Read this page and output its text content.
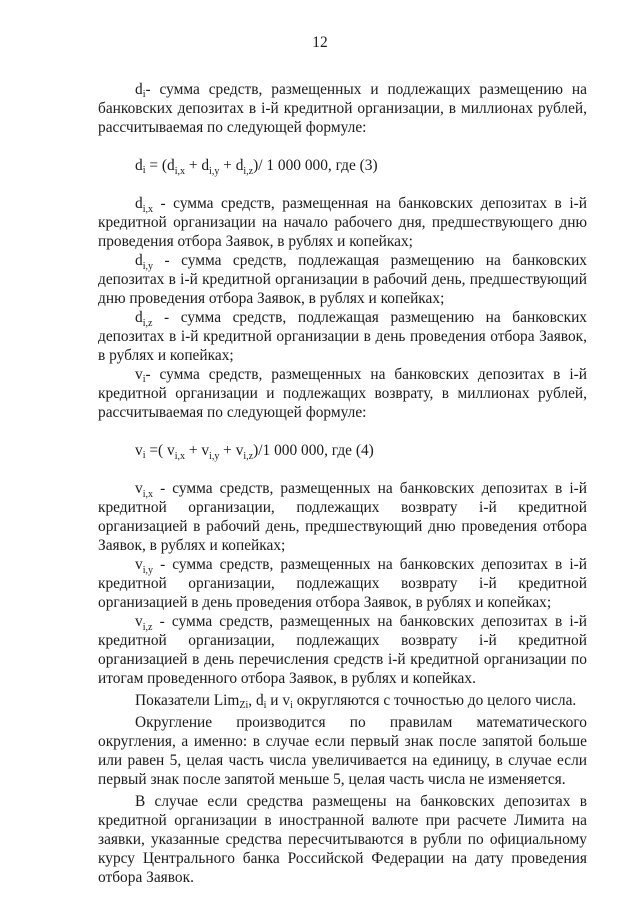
12

$d_i-$ сумма средств, размещенных и подлежащих размещению на банковских депозитах в i-й кредитной организации, в миллионах рублей, рассчитываемая по следующей формуле:

$d_i = (d_{i,x} + d_{i,y} + d_{i,z})/$ 1 000 000, где (3)

$d_{i,x}$ - сумма средств, размещенная на банковских депозитах в i-й кредитной организации на начало рабочего дня, предшествующего дню проведения отбора Заявок, в рублях и копейках;

$d_{i,y}$ - сумма средств, подлежащая размещению на банковских депозитах в i-й кредитной организации в рабочий день, предшествующий дню проведения отбора Заявок, в рублях и копейках;

$d_{i,z}$ - сумма средств, подлежащая размещению на банковских депозитах в i-й кредитной организации в день проведения отбора Заявок, в рублях и копейках;

$v_i-$ сумма средств, размещенных на банковских депозитах в i-й кредитной организации и подлежащих возврату, в миллионах рублей, рассчитываемая по следующей формуле:

$v_i$ =( $v_{i,x} + v_{i,y} + v_{i,z})/1$ 000 000, где (4)

$v_{i,x}$ - сумма средств, размещенных на банковских депозитах в i-й кредитной организации, подлежащих возврату i-й кредитной организацией в рабочий день, предшествующий дню проведения отбора Заявок, в рублях и копейках;

$v_{i,y}$ - сумма средств, размещенных на банковских депозитах в i-й кредитной организации, подлежащих возврату i-й кредитной организацией в день проведения отбора Заявок, в рублях и копейках;

$v_{i,z}$ - сумма средств, размещенных на банковских депозитах в i-й кредитной организации, подлежащих возврату i-й кредитной организацией в день перечисления средств i-й кредитной организации по итогам проведенного отбора Заявок, в рублях и копейках.

Показатели Lim$_{Zi}$, $d_i$ и $v_i$ округляются с точностью до целого числа.

Округление производится по правилам математического округления, а именно: в случае если первый знак после запятой больше или равен 5, целая часть числа увеличивается на единицу, в случае если первый знак после запятой меньше 5, целая часть числа не изменяется.

В случае если средства размещены на банковских депозитах в кредитной организации в иностранной валюте при расчете Лимита на заявки, указанные средства пересчитываются в рубли по официальному курсу Центрального банка Российской Федерации на дату проведения отбора Заявок.
